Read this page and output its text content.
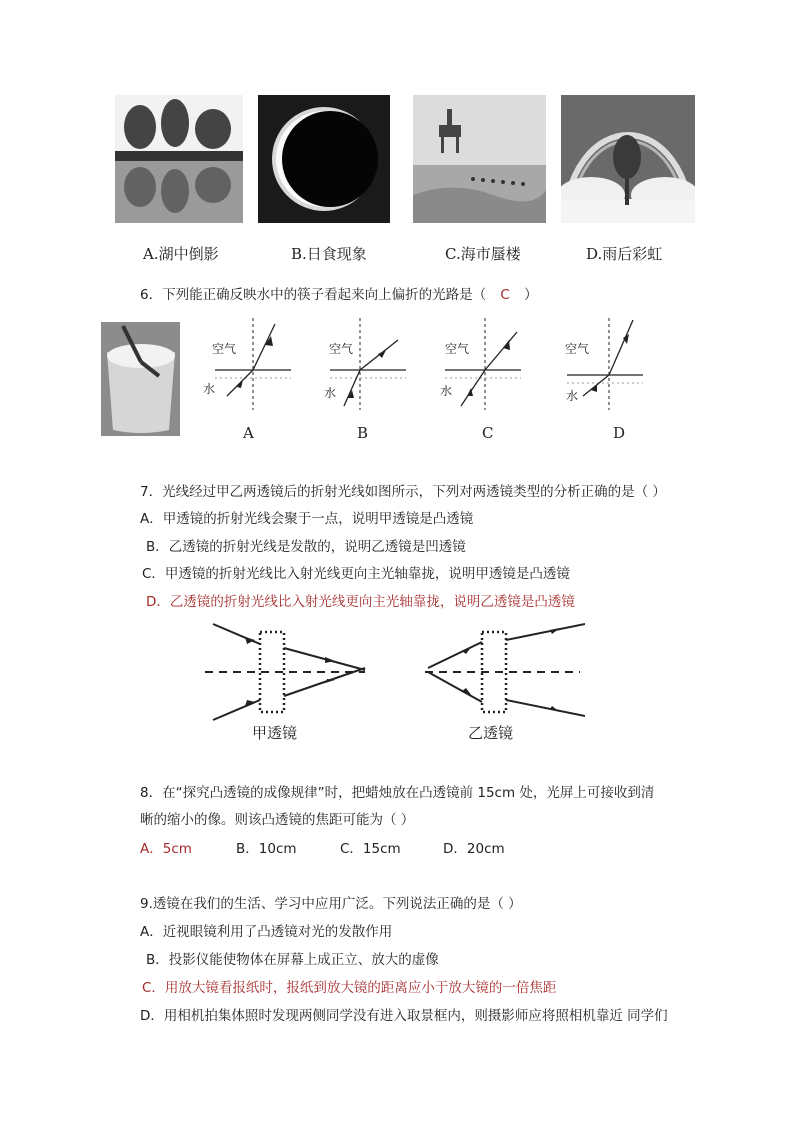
A.湖中倒影	B.日食现象	C.海市蜃楼	D.雨后彩虹
6．下列能正确反映水中的筷子看起来向上偏折的光路是（ C ）
空气
水
空气
水
空气
水
空气
水
A	B	C	D
7．光线经过甲乙两透镜后的折射光线如图所示，下列对两透镜类型的分析正确的是（ ）
A．甲透镜的折射光线会聚于一点，说明甲透镜是凸透镜
B．乙透镜的折射光线是发散的，说明乙透镜是凹透镜
C．甲透镜的折射光线比入射光线更向主光轴靠拢，说明甲透镜是凸透镜
D．乙透镜的折射光线比入射光线更向主光轴靠拢，说明乙透镜是凸透镜
甲透镜	乙透镜
8．在“探究凸透镜的成像规律”时，把蜡烛放在凸透镜前 15cm 处，光屏上可接收到清
晰的缩小的像。则该凸透镜的焦距可能为（ ）
A．5cm	B．10cm	C．15cm	D．20cm
9.透镜在我们的生活、学习中应用广泛。下列说法正确的是（ ）
A．近视眼镜利用了凸透镜对光的发散作用
B．投影仪能使物体在屏幕上成正立、放大的虚像
C．用放大镜看报纸时，报纸到放大镜的距离应小于放大镜的一倍焦距
D．用相机拍集体照时发现两侧同学没有进入取景框内，则摄影师应将照相机靠近 同学们
